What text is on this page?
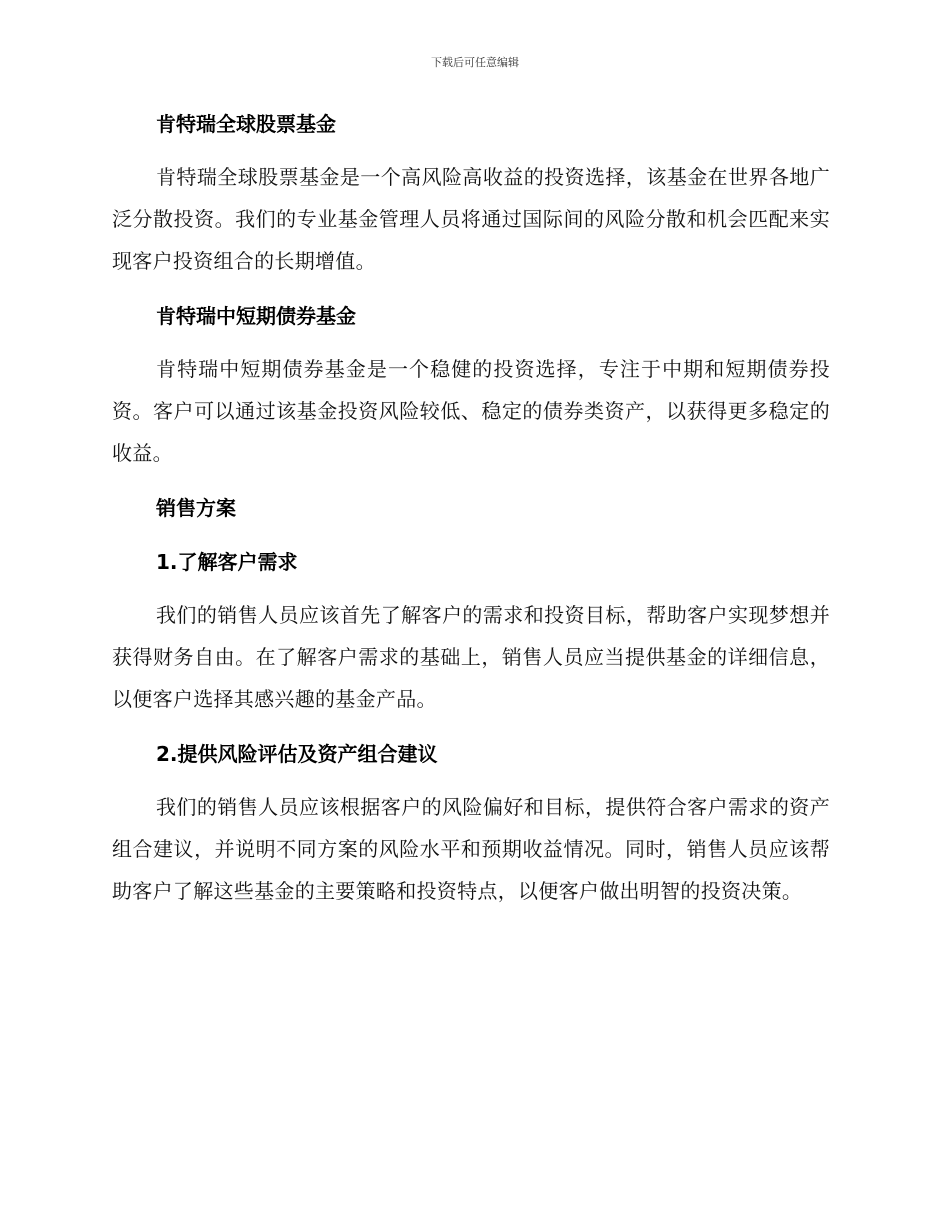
下载后可任意编辑
肯特瑞全球股票基金

肯特瑞全球股票基金是一个高风险高收益的投资选择，该基金在世界各地广泛分散投资。我们的专业基金管理人员将通过国际间的风险分散和机会匹配来实现客户投资组合的长期增值。

肯特瑞中短期债券基金

肯特瑞中短期债券基金是一个稳健的投资选择，专注于中期和短期债券投资。客户可以通过该基金投资风险较低、稳定的债券类资产，以获得更多稳定的收益。

销售方案
1.了解客户需求

我们的销售人员应该首先了解客户的需求和投资目标，帮助客户实现梦想并获得财务自由。在了解客户需求的基础上，销售人员应当提供基金的详细信息，以便客户选择其感兴趣的基金产品。

2.提供风险评估及资产组合建议

我们的销售人员应该根据客户的风险偏好和目标，提供符合客户需求的资产组合建议，并说明不同方案的风险水平和预期收益情况。同时，销售人员应该帮助客户了解这些基金的主要策略和投资特点，以便客户做出明智的投资决策。
